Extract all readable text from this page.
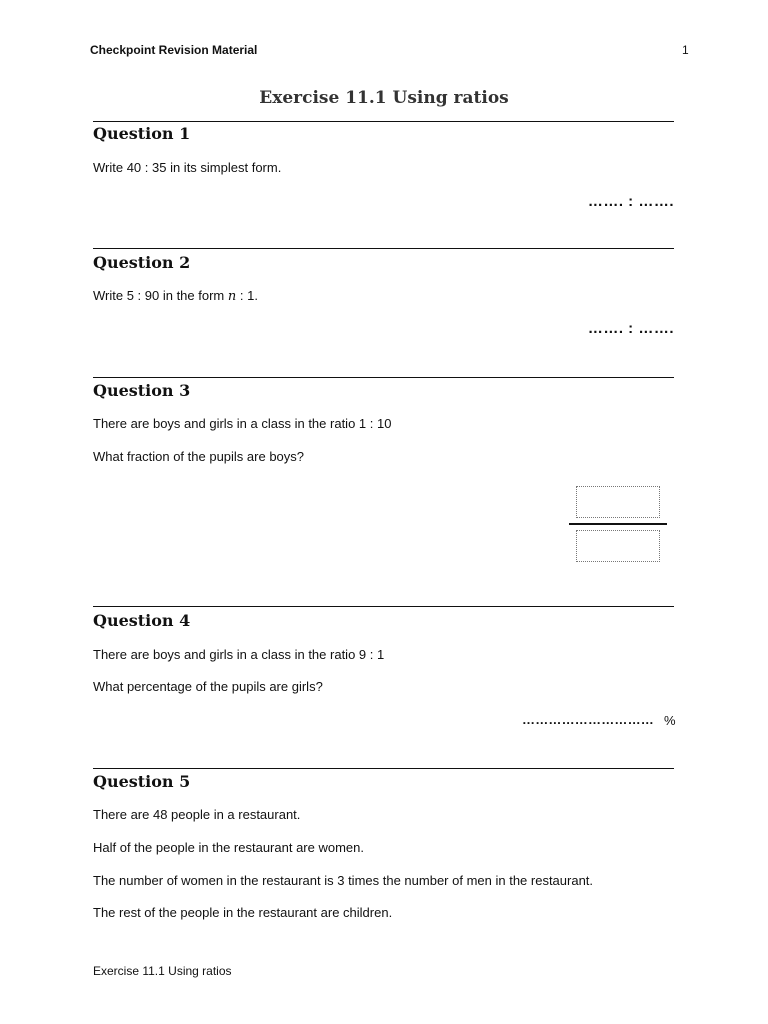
Checkpoint Revision Material	1
Exercise 11.1 Using ratios
Question 1
Write 40 : 35 in its simplest form.
……. : …….
Question 2
Write 5 : 90 in the form n : 1.
……. : …….
Question 3
There are boys and girls in a class in the ratio 1 : 10
What fraction of the pupils are boys?
Question 4
There are boys and girls in a class in the ratio 9 : 1
What percentage of the pupils are girls?
………………………… %
Question 5
There are 48 people in a restaurant.
Half of the people in the restaurant are women.
The number of women in the restaurant is 3 times the number of men in the restaurant.
The rest of the people in the restaurant are children.
Exercise 11.1 Using ratios
